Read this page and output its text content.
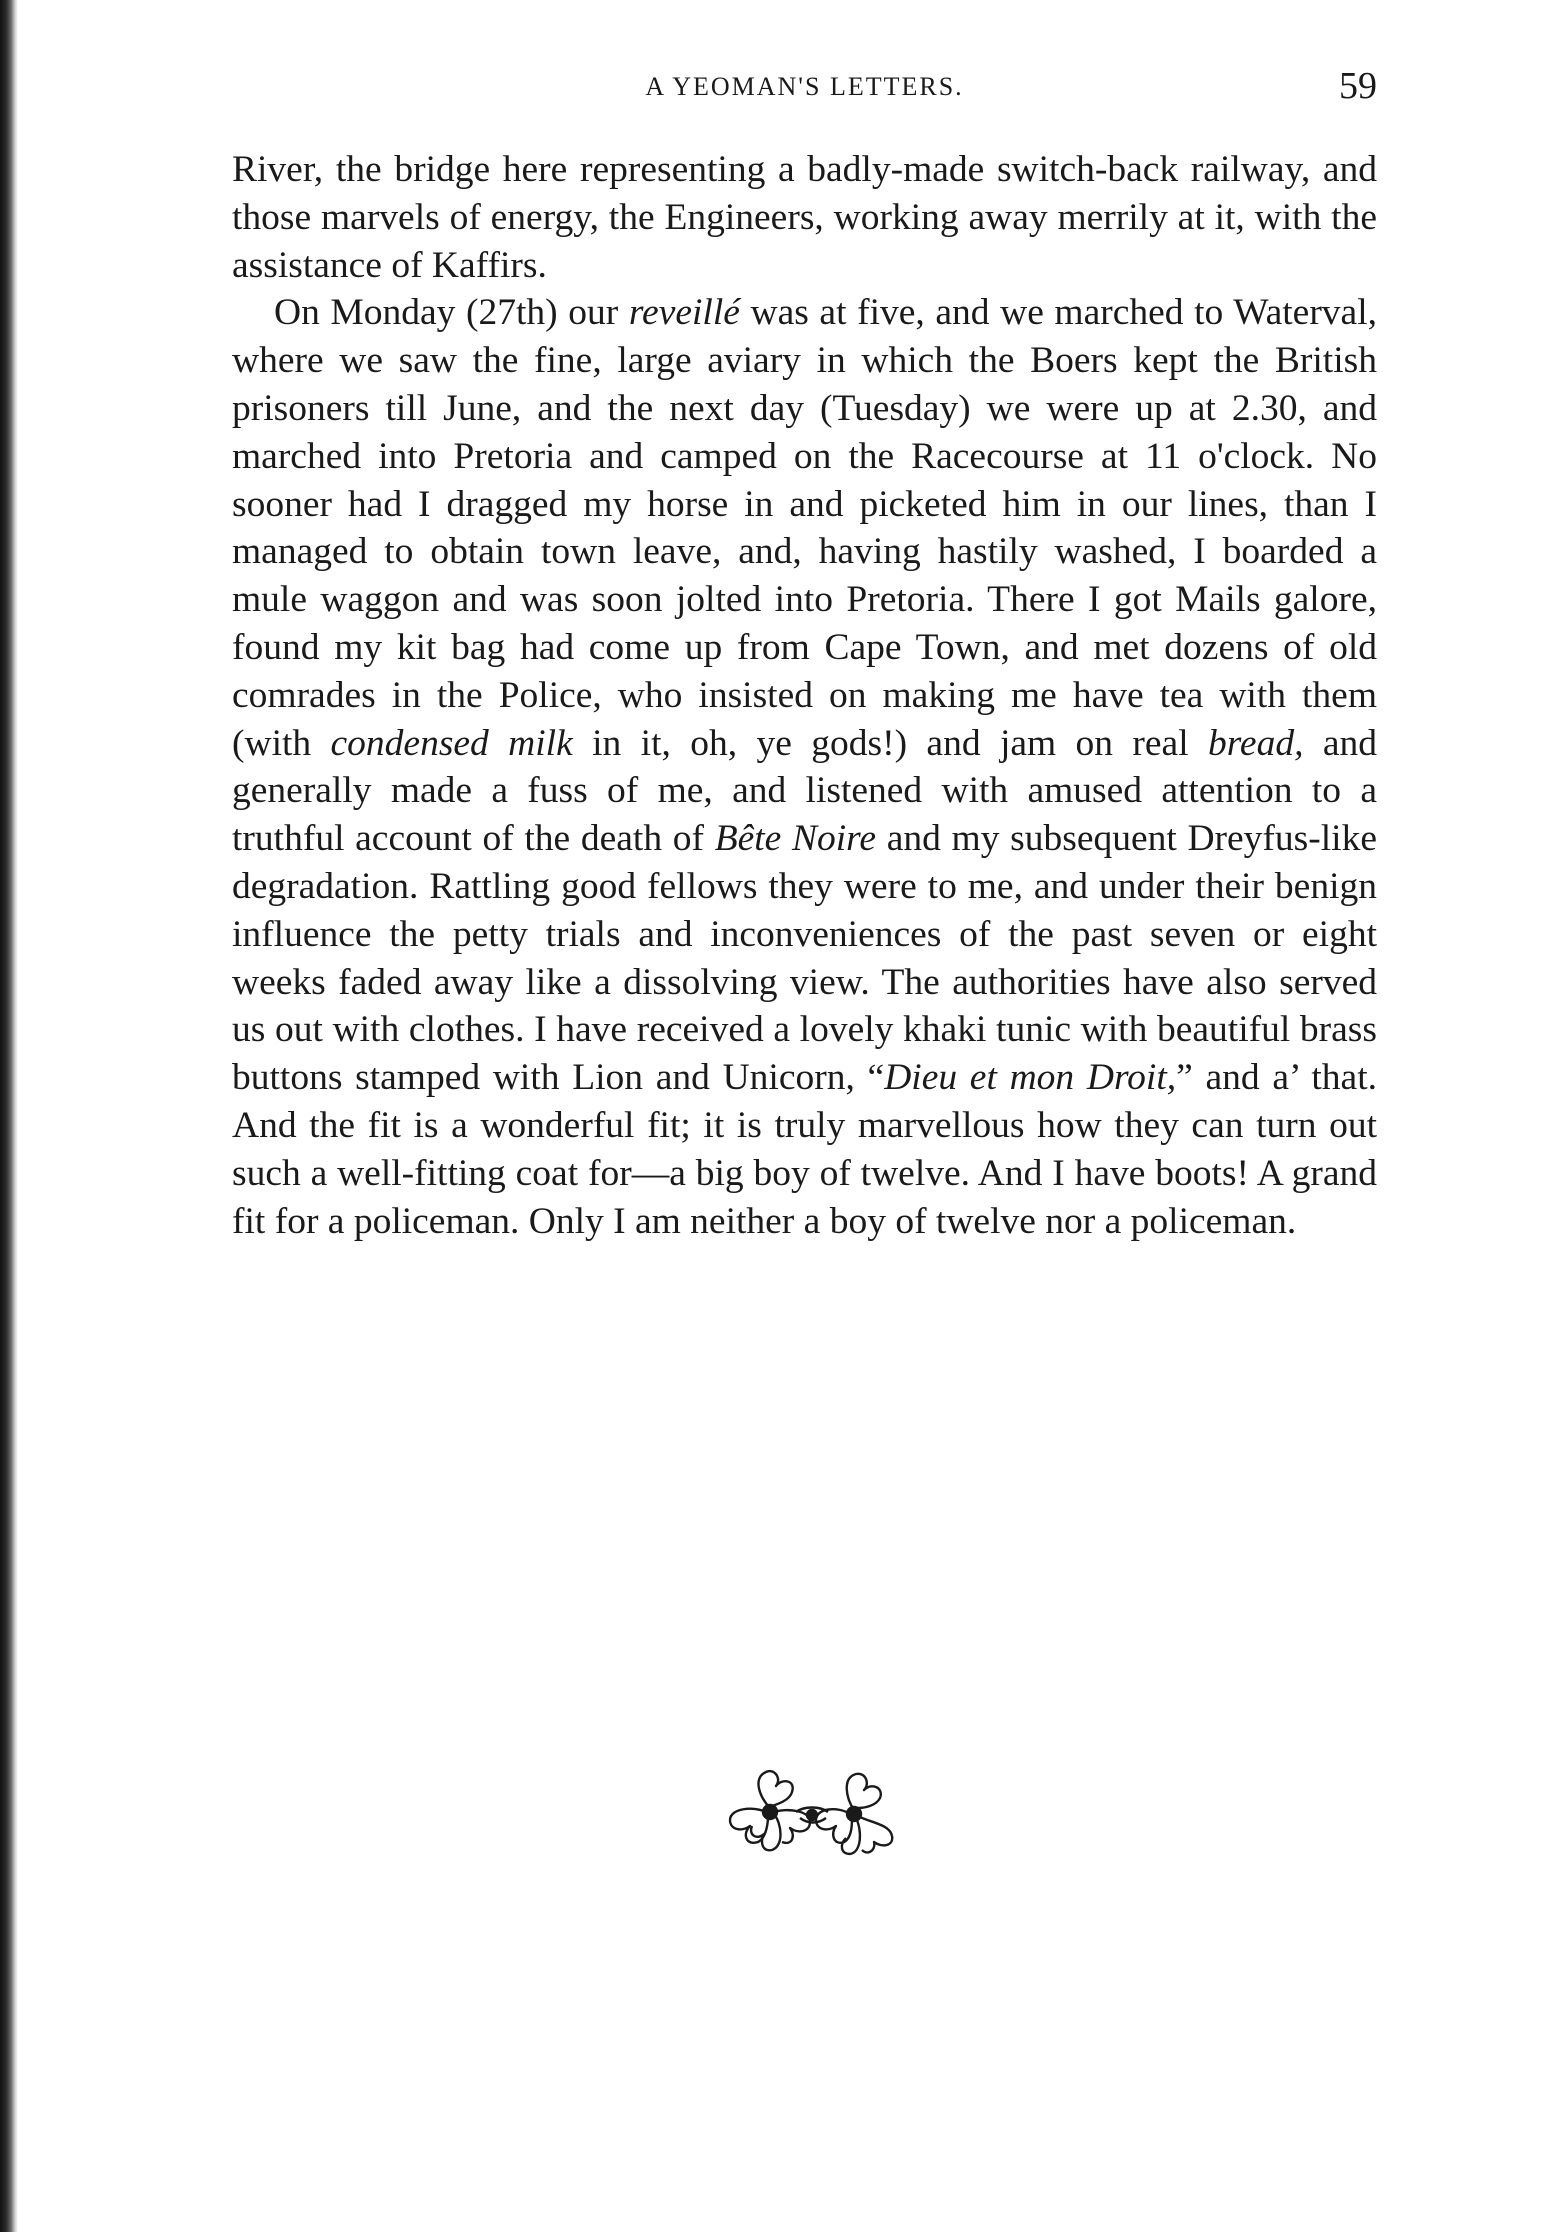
A YEOMAN'S LETTERS.	59

River, the bridge here representing a badly-made switch-back railway, and those marvels of energy, the Engineers, working away merrily at it, with the assistance of Kaffirs.

On Monday (27th) our reveillé was at five, and we marched to Waterval, where we saw the fine, large aviary in which the Boers kept the British prisoners till June, and the next day (Tuesday) we were up at 2.30, and marched into Pretoria and camped on the Racecourse at 11 o'clock. No sooner had I dragged my horse in and picketed him in our lines, than I managed to obtain town leave, and, having hastily washed, I boarded a mule waggon and was soon jolted into Pretoria. There I got Mails galore, found my kit bag had come up from Cape Town, and met dozens of old comrades in the Police, who insisted on making me have tea with them (with condensed milk in it, oh, ye gods!) and jam on real bread, and generally made a fuss of me, and listened with amused attention to a truthful account of the death of Bête Noire and my subsequent Dreyfus-like degradation. Rattling good fellows they were to me, and under their benign influence the petty trials and inconveniences of the past seven or eight weeks faded away like a dissolving view. The authorities have also served us out with clothes. I have received a lovely khaki tunic with beautiful brass buttons stamped with Lion and Unicorn, “Dieu et mon Droit,” and a’ that. And the fit is a wonderful fit; it is truly marvellous how they can turn out such a well-fitting coat for—a big boy of twelve. And I have boots! A grand fit for a policeman. Only I am neither a boy of twelve nor a policeman.
